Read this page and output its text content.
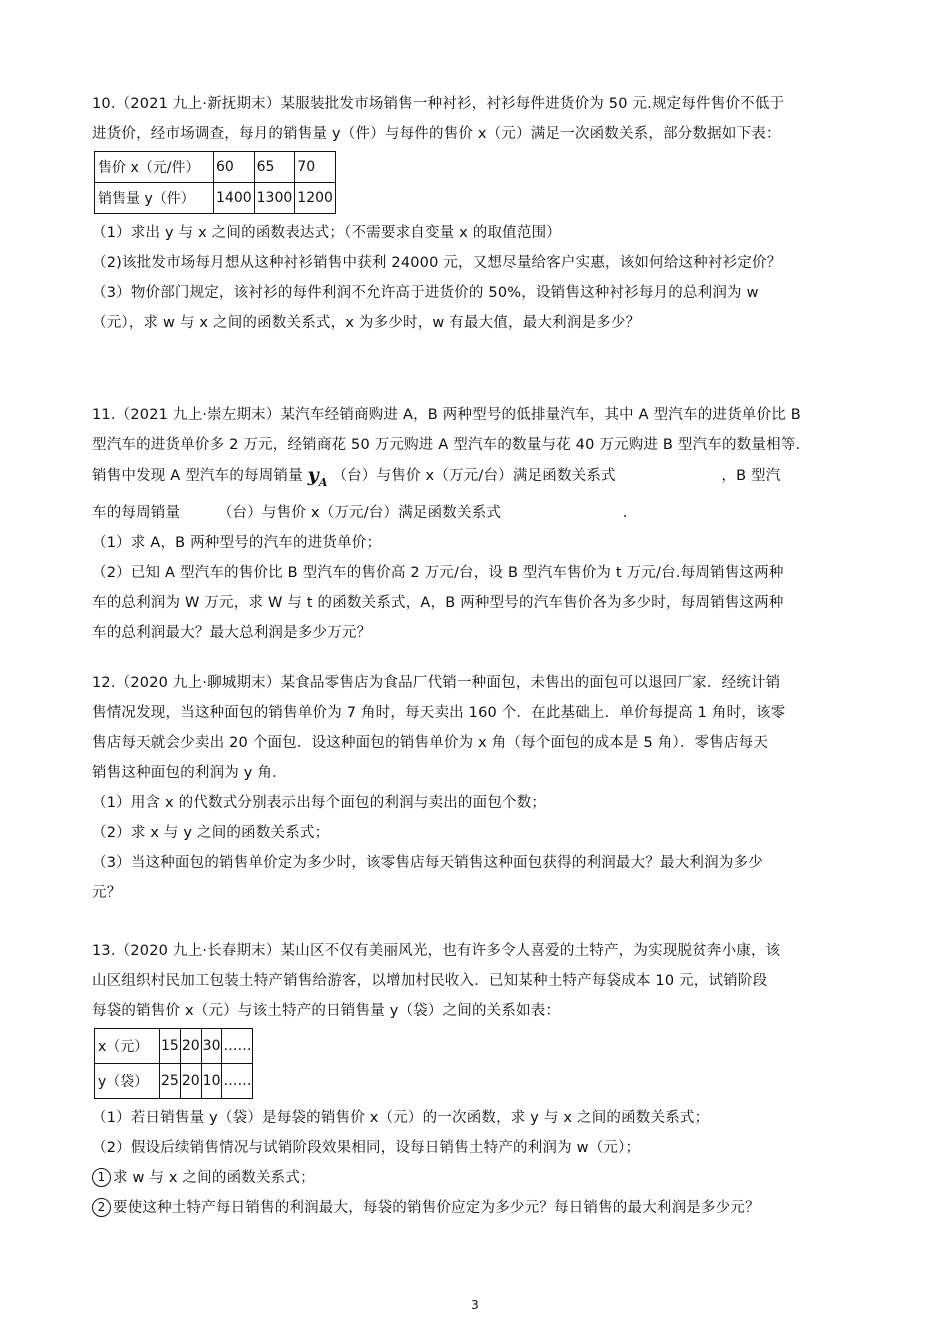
10.（2021 九上·新抚期末）某服装批发市场销售一种衬衫，衬衫每件进货价为 50 元.规定每件售价不低于
进货价，经市场调查，每月的销售量 y（件）与每件的售价 x（元）满足一次函数关系，部分数据如下表：
售价 x（元/件）	60	65	70
销售量 y（件）	1400	1300	1200
（1）求出 y 与 x 之间的函数表达式；（不需要求自变量 x 的取值范围）
（2)该批发市场每月想从这种衬衫销售中获利 24000 元，又想尽量给客户实惠，该如何给这种衬衫定价？
（3）物价部门规定，该衬衫的每件利润不允许高于进货价的 50%，设销售这种衬衫每月的总利润为 w
（元），求 w 与 x 之间的函数关系式，x 为多少时，w 有最大值，最大利润是多少？
11.（2021 九上·崇左期末）某汽车经销商购进 A，B 两种型号的低排量汽车，其中 A 型汽车的进货单价比 B
型汽车的进货单价多 2 万元，经销商花 50 万元购进 A 型汽车的数量与花 40 万元购进 B 型汽车的数量相等.
销售中发现 A 型汽车的每周销量 $y_A$ （台）与售价 x（万元/台）满足函数关系式	，B 型汽
车的每周销量	（台）与售价 x（万元/台）满足函数关系式	.
（1）求 A，B 两种型号的汽车的进货单价；
（2）已知 A 型汽车的售价比 B 型汽车的售价高 2 万元/台，设 B 型汽车售价为 t 万元/台.每周销售这两种
车的总利润为 W 万元，求 W 与 t 的函数关系式，A，B 两种型号的汽车售价各为多少时，每周销售这两种
车的总利润最大？最大总利润是多少万元？
12.（2020 九上·聊城期末）某食品零售店为食品厂代销一种面包，未售出的面包可以退回厂家．经统计销
售情况发现，当这种面包的销售单价为 7 角时，每天卖出 160 个．在此基础上．单价每提高 1 角时，该零
售店每天就会少卖出 20 个面包．设这种面包的销售单价为 x 角（每个面包的成本是 5 角）．零售店每天
销售这种面包的利润为 y 角．
（1）用含 x 的代数式分别表示出每个面包的利润与卖出的面包个数；
（2）求 x 与 y 之间的函数关系式；
（3）当这种面包的销售单价定为多少时，该零售店每天销售这种面包获得的利润最大？最大利润为多少
元？
13.（2020 九上·长春期末）某山区不仅有美丽风光，也有许多令人喜爱的土特产，为实现脱贫奔小康，该
山区组织村民加工包装土特产销售给游客，以增加村民收入．已知某种土特产每袋成本 10 元，试销阶段
每袋的销售价 x（元）与该土特产的日销售量 y（袋）之间的关系如表：
x（元）	15	20	30	……
y（袋）	25	20	10	……
（1）若日销售量 y（袋）是每袋的销售价 x（元）的一次函数，求 y 与 x 之间的函数关系式；
（2）假设后续销售情况与试销阶段效果相同，设每日销售土特产的利润为 w（元）；
1 求 w 与 x 之间的函数关系式；
2 要使这种土特产每日销售的利润最大，每袋的销售价应定为多少元？每日销售的最大利润是多少元？
3
